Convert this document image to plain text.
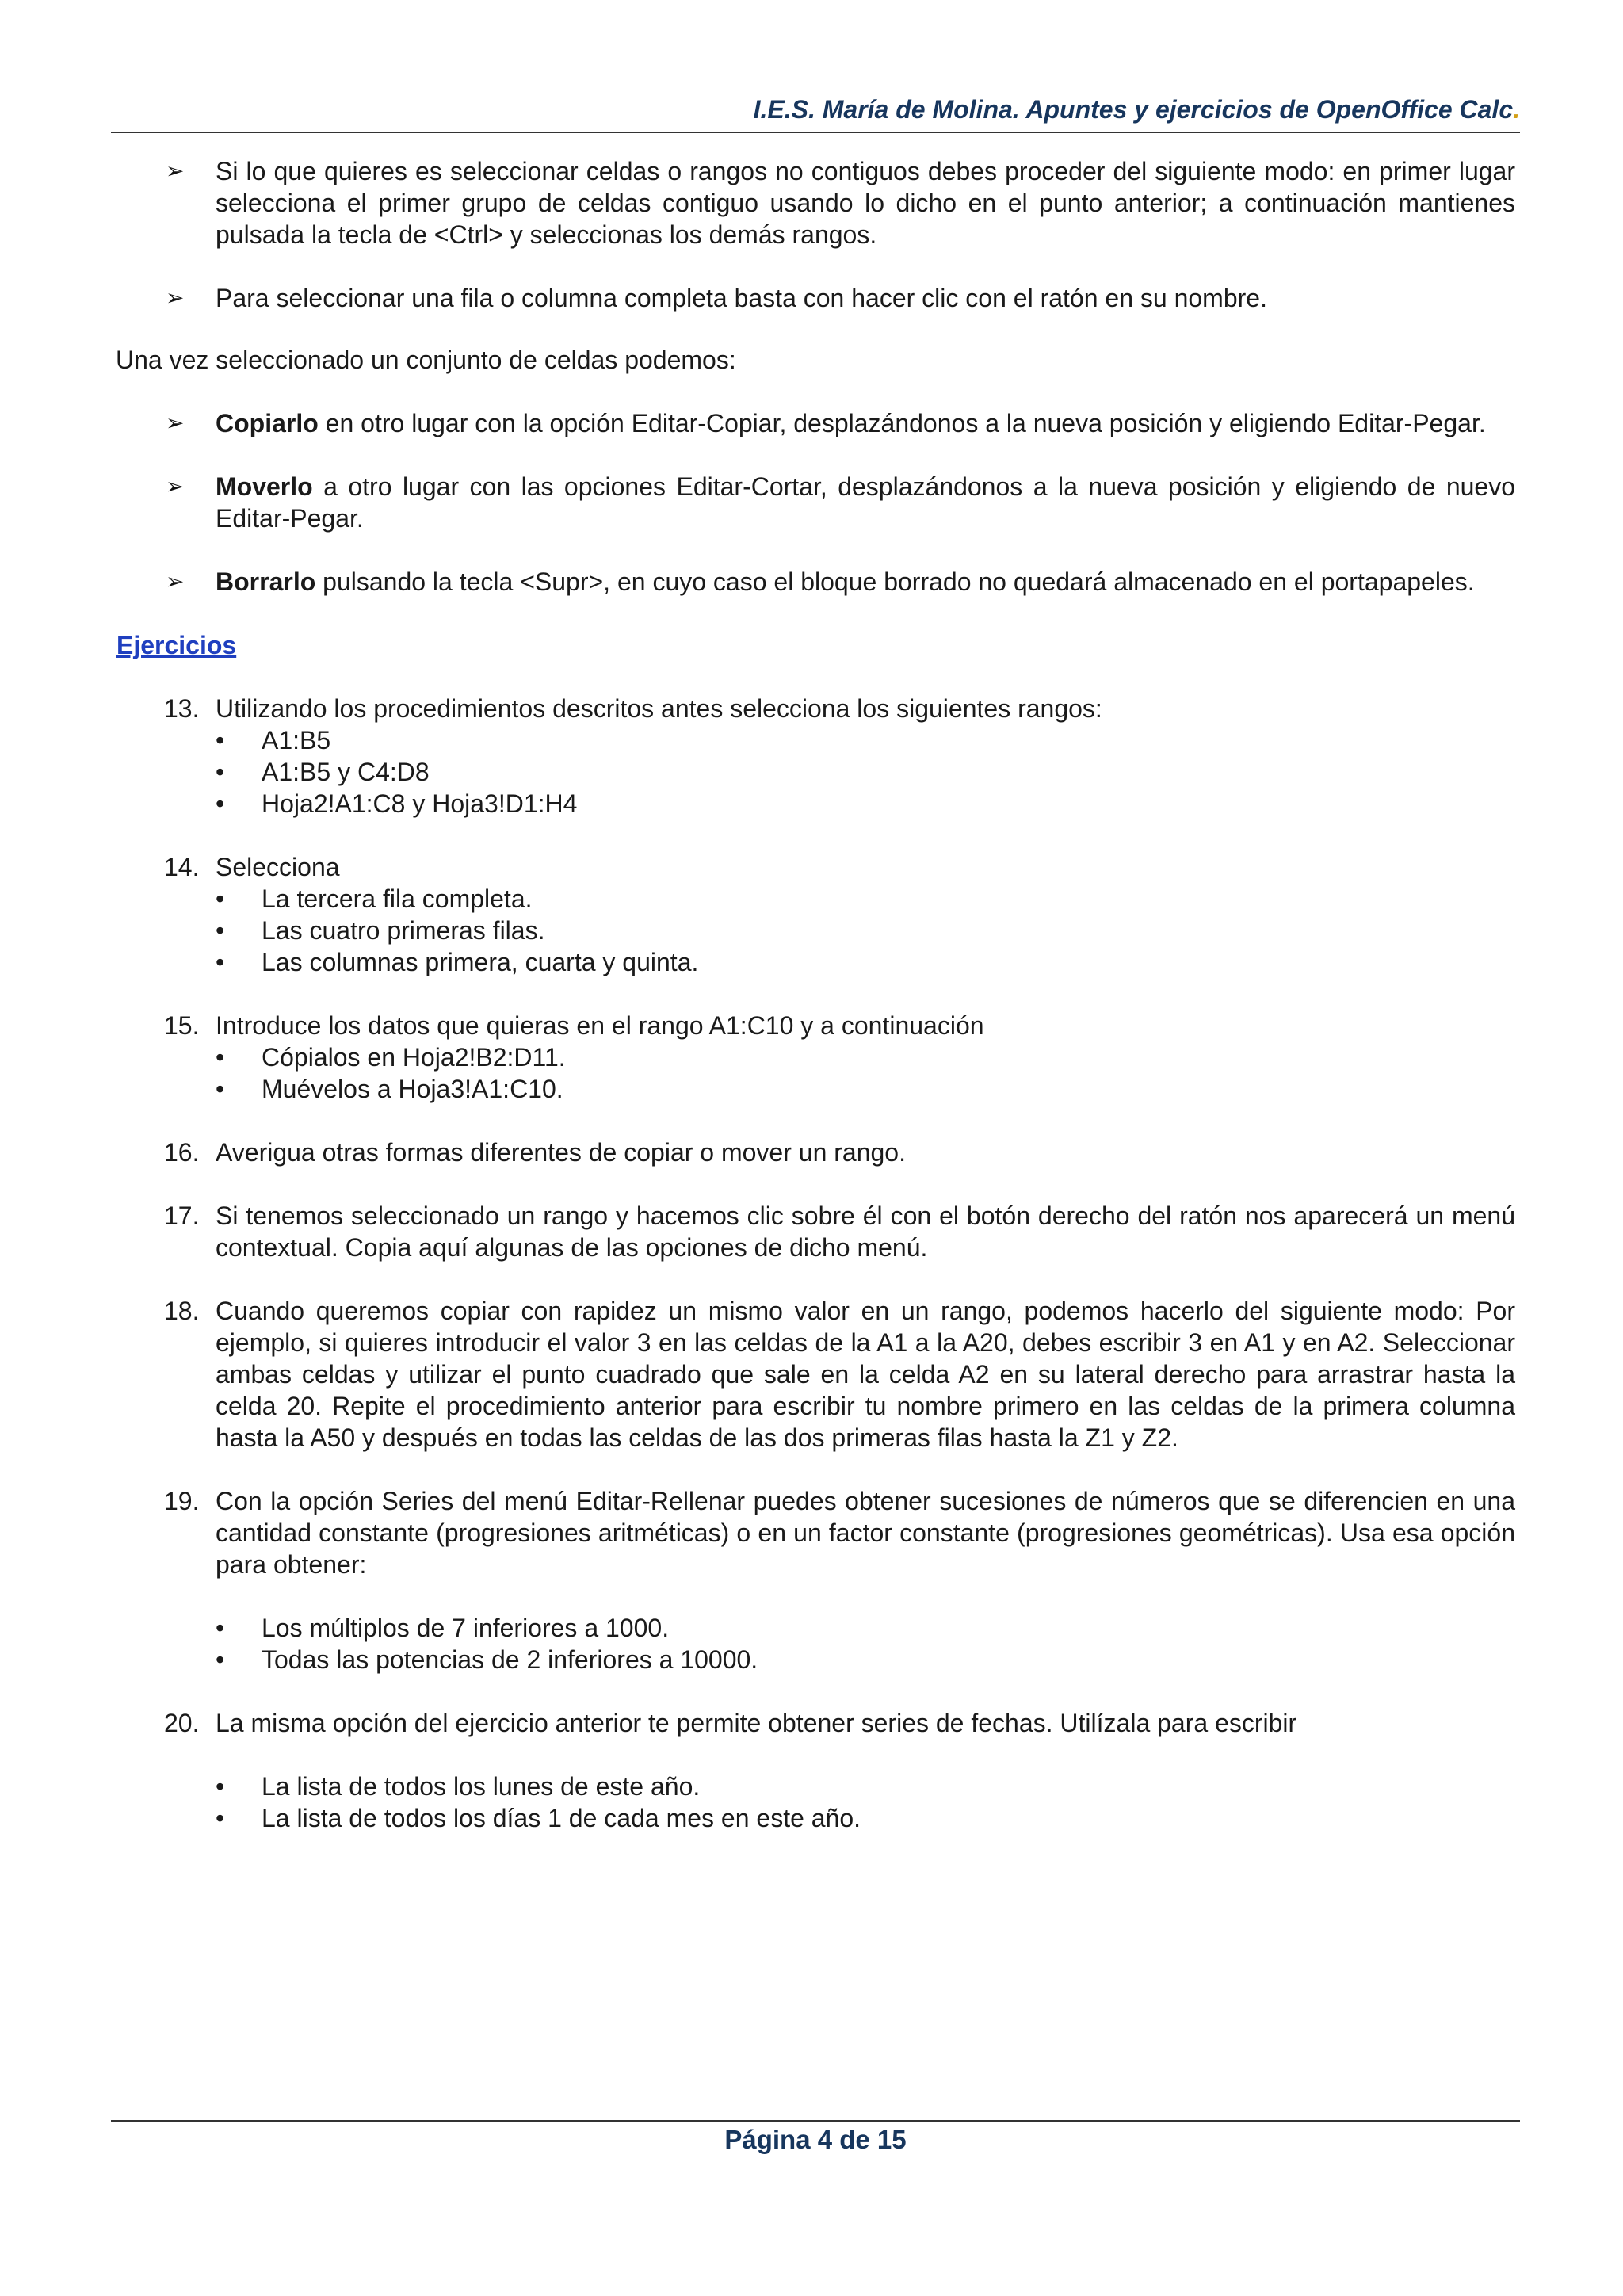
I.E.S. María de Molina. Apuntes y ejercicios de OpenOffice Calc.
➢ Si lo que quieres es seleccionar celdas o rangos no contiguos debes proceder del siguiente modo: en primer lugar selecciona el primer grupo de celdas contiguo usando lo dicho en el punto anterior; a continuación mantienes pulsada la tecla de <Ctrl> y seleccionas los demás rangos.
➢ Para seleccionar una fila o columna completa basta con hacer clic con el ratón en su nombre.
Una vez seleccionado un conjunto de celdas podemos:
➢ Copiarlo en otro lugar con la opción Editar-Copiar, desplazándonos a la nueva posición y eligiendo Editar-Pegar.
➢ Moverlo a otro lugar con las opciones Editar-Cortar, desplazándonos a la nueva posición y eligiendo de nuevo Editar-Pegar.
➢ Borrarlo pulsando la tecla <Supr>, en cuyo caso el bloque borrado no quedará almacenado en el portapapeles.
Ejercicios
13. Utilizando los procedimientos descritos antes selecciona los siguientes rangos:
• A1:B5
• A1:B5 y C4:D8
• Hoja2!A1:C8 y Hoja3!D1:H4
14. Selecciona
• La tercera fila completa.
• Las cuatro primeras filas.
• Las columnas primera, cuarta y quinta.
15. Introduce los datos que quieras en el rango A1:C10 y a continuación
• Cópialos en Hoja2!B2:D11.
• Muévelos a Hoja3!A1:C10.
16. Averigua otras formas diferentes de copiar o mover un rango.
17. Si tenemos seleccionado un rango y hacemos clic sobre él con el botón derecho del ratón nos aparecerá un menú contextual. Copia aquí algunas de las opciones de dicho menú.
18. Cuando queremos copiar con rapidez un mismo valor en un rango, podemos hacerlo del siguiente modo: Por ejemplo, si quieres introducir el valor 3 en las celdas de la A1 a la A20, debes escribir 3 en A1 y en A2. Seleccionar ambas celdas y utilizar el punto cuadrado que sale en la celda A2 en su lateral derecho para arrastrar hasta la celda 20. Repite el procedimiento anterior para escribir tu nombre primero en las celdas de la primera columna hasta la A50 y después en todas las celdas de las dos primeras filas hasta la Z1 y Z2.
19. Con la opción Series del menú Editar-Rellenar puedes obtener sucesiones de números que se diferencien en una cantidad constante (progresiones aritméticas) o en un factor constante (progresiones geométricas). Usa esa opción para obtener:
• Los múltiplos de 7 inferiores a 1000.
• Todas las potencias de 2 inferiores a 10000.
20. La misma opción del ejercicio anterior te permite obtener series de fechas. Utilízala para escribir
• La lista de todos los lunes de este año.
• La lista de todos los días 1 de cada mes en este año.
Página 4 de 15
